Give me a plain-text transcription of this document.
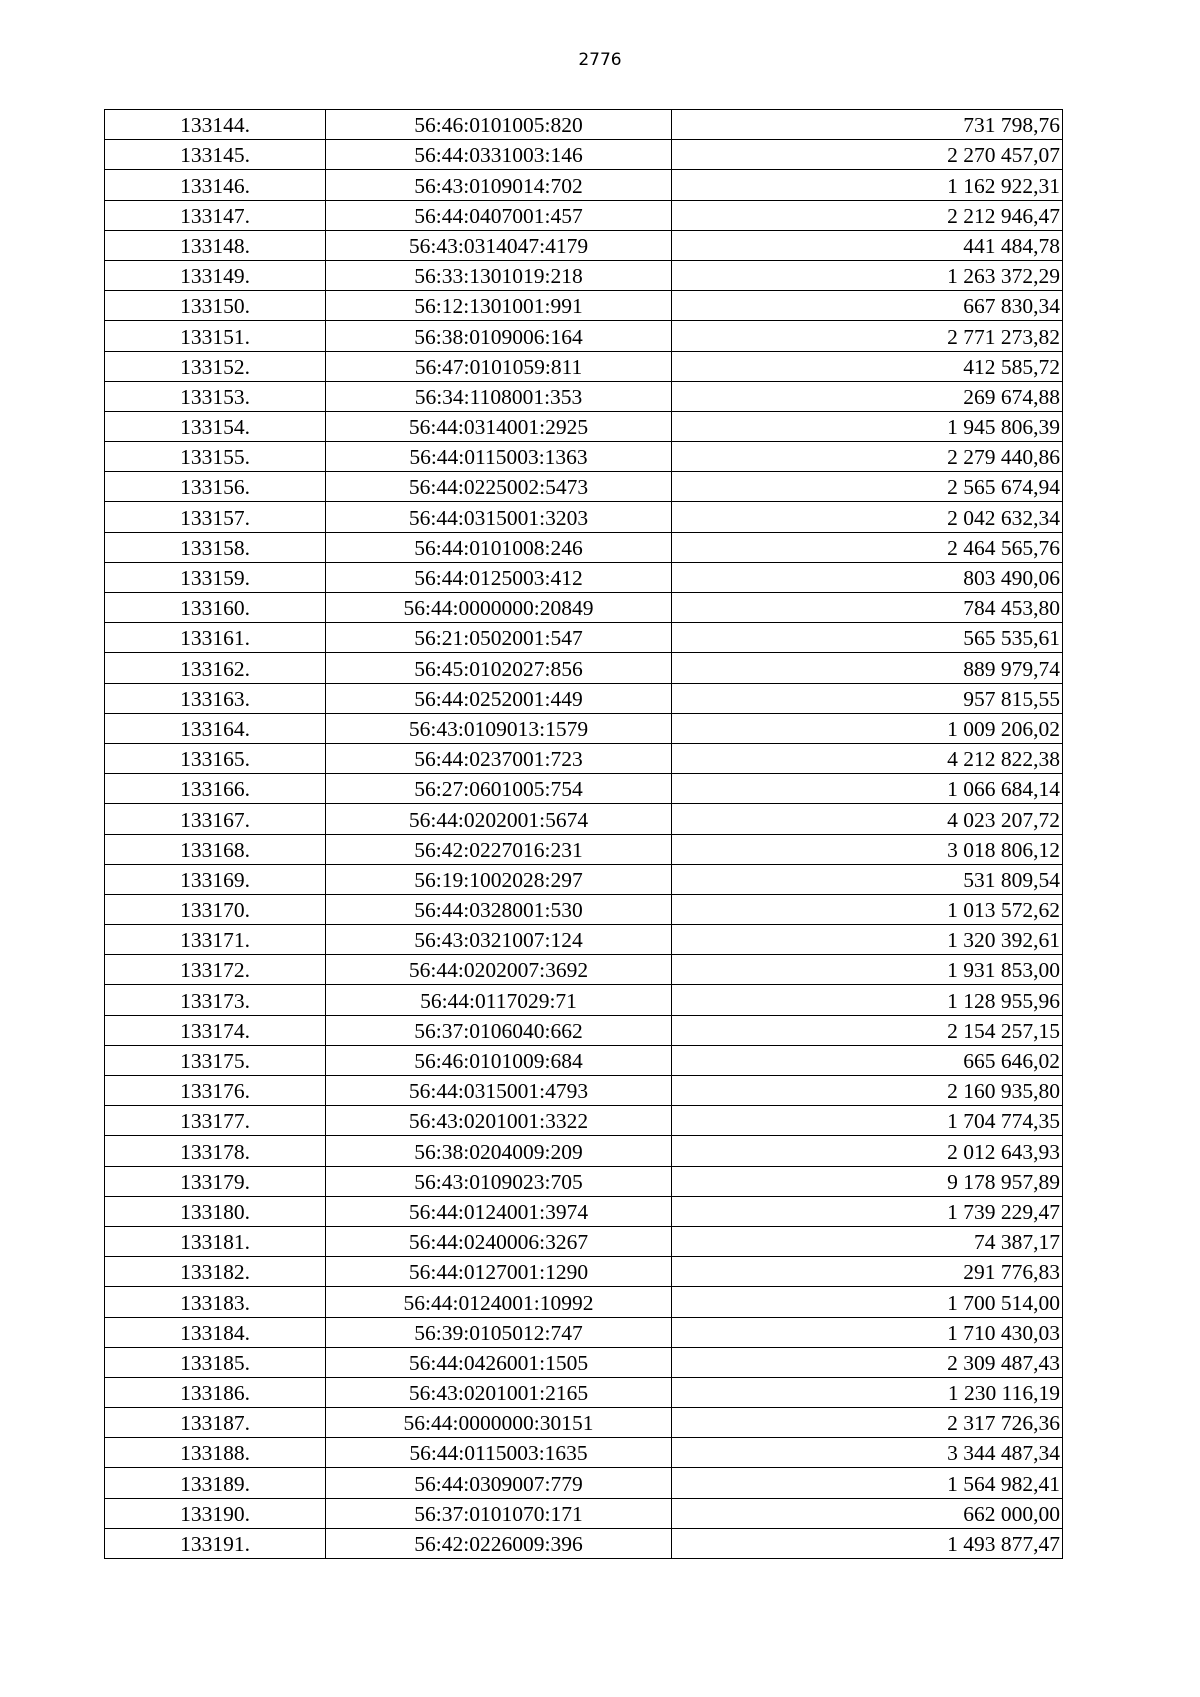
2776
133144.	56:46:0101005:820	731 798,76
133145.	56:44:0331003:146	2 270 457,07
133146.	56:43:0109014:702	1 162 922,31
133147.	56:44:0407001:457	2 212 946,47
133148.	56:43:0314047:4179	441 484,78
133149.	56:33:1301019:218	1 263 372,29
133150.	56:12:1301001:991	667 830,34
133151.	56:38:0109006:164	2 771 273,82
133152.	56:47:0101059:811	412 585,72
133153.	56:34:1108001:353	269 674,88
133154.	56:44:0314001:2925	1 945 806,39
133155.	56:44:0115003:1363	2 279 440,86
133156.	56:44:0225002:5473	2 565 674,94
133157.	56:44:0315001:3203	2 042 632,34
133158.	56:44:0101008:246	2 464 565,76
133159.	56:44:0125003:412	803 490,06
133160.	56:44:0000000:20849	784 453,80
133161.	56:21:0502001:547	565 535,61
133162.	56:45:0102027:856	889 979,74
133163.	56:44:0252001:449	957 815,55
133164.	56:43:0109013:1579	1 009 206,02
133165.	56:44:0237001:723	4 212 822,38
133166.	56:27:0601005:754	1 066 684,14
133167.	56:44:0202001:5674	4 023 207,72
133168.	56:42:0227016:231	3 018 806,12
133169.	56:19:1002028:297	531 809,54
133170.	56:44:0328001:530	1 013 572,62
133171.	56:43:0321007:124	1 320 392,61
133172.	56:44:0202007:3692	1 931 853,00
133173.	56:44:0117029:71	1 128 955,96
133174.	56:37:0106040:662	2 154 257,15
133175.	56:46:0101009:684	665 646,02
133176.	56:44:0315001:4793	2 160 935,80
133177.	56:43:0201001:3322	1 704 774,35
133178.	56:38:0204009:209	2 012 643,93
133179.	56:43:0109023:705	9 178 957,89
133180.	56:44:0124001:3974	1 739 229,47
133181.	56:44:0240006:3267	74 387,17
133182.	56:44:0127001:1290	291 776,83
133183.	56:44:0124001:10992	1 700 514,00
133184.	56:39:0105012:747	1 710 430,03
133185.	56:44:0426001:1505	2 309 487,43
133186.	56:43:0201001:2165	1 230 116,19
133187.	56:44:0000000:30151	2 317 726,36
133188.	56:44:0115003:1635	3 344 487,34
133189.	56:44:0309007:779	1 564 982,41
133190.	56:37:0101070:171	662 000,00
133191.	56:42:0226009:396	1 493 877,47
